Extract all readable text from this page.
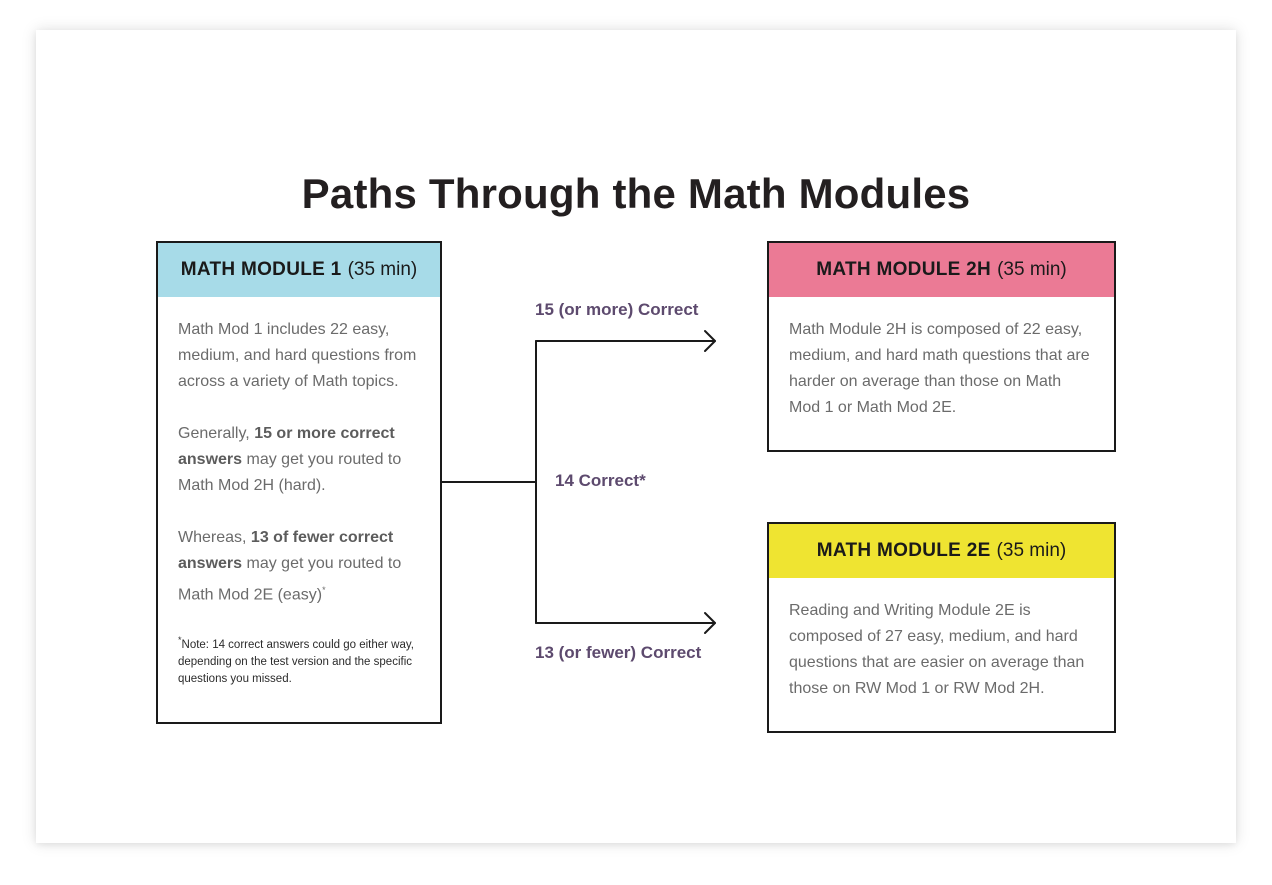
Paths Through the Math Modules
MATH MODULE 1 (35 min)

Math Mod 1 includes 22 easy, medium, and hard questions from across a variety of Math topics.

Generally, 15 or more correct answers may get you routed to Math Mod 2H (hard).

Whereas, 13 of fewer correct answers may get you routed to Math Mod 2E (easy)*

*Note: 14 correct answers could go either way, depending on the test version and the specific questions you missed.

MATH MODULE 2H (35 min)

Math Module 2H is composed of 22 easy, medium, and hard math questions that are harder on average than those on Math Mod 1 or Math Mod 2E.

MATH MODULE 2E (35 min)

Reading and Writing Module 2E is composed of 27 easy, medium, and hard questions that are easier on average than those on RW Mod 1 or RW Mod 2H.

15 (or more) Correct
14 Correct*
13 (or fewer) Correct
